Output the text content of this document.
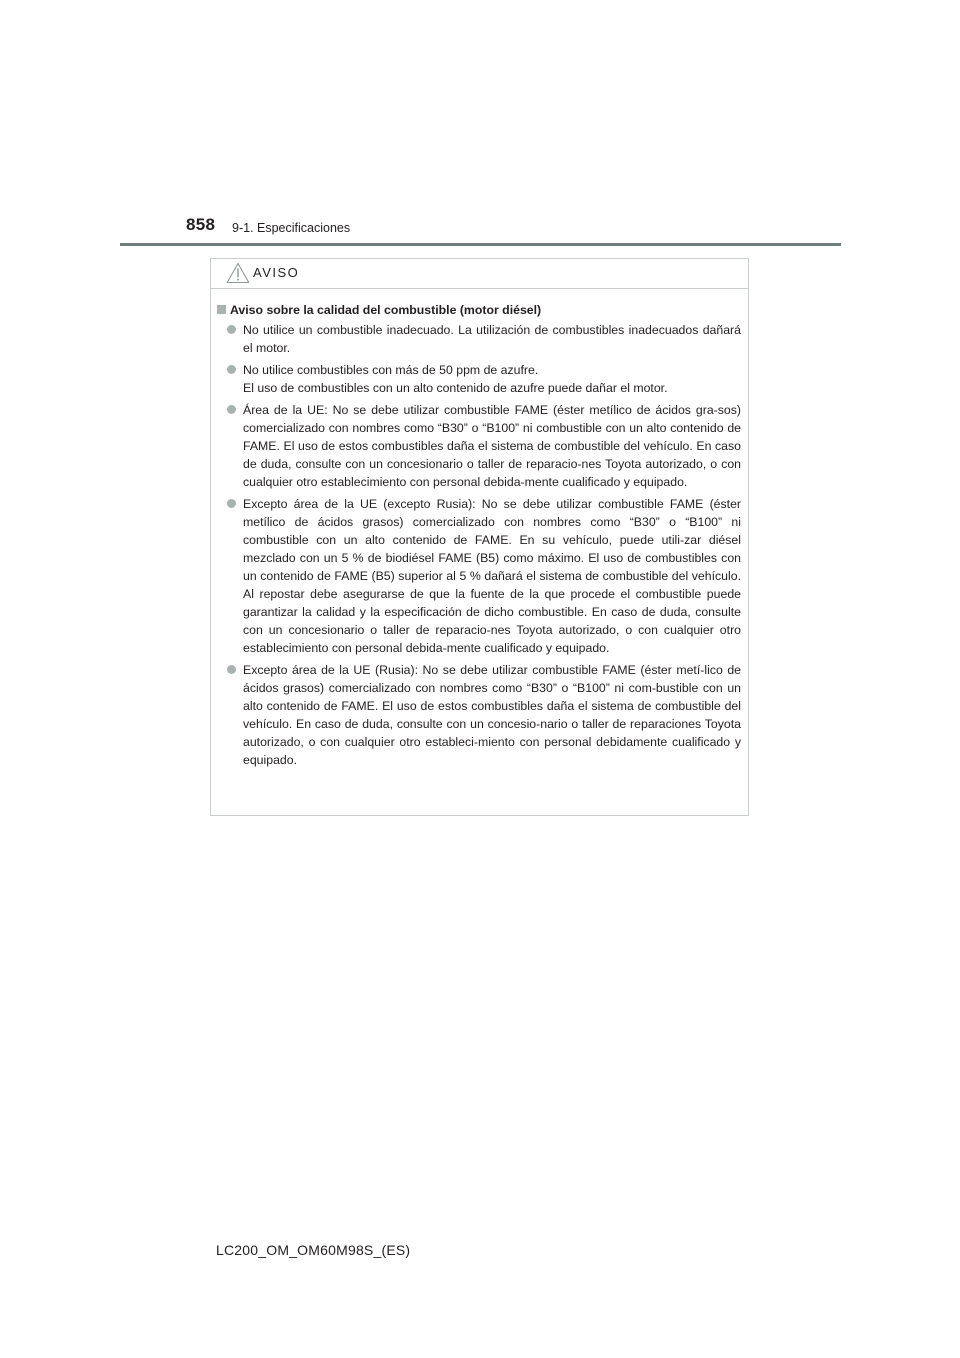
858 9-1. Especificaciones
AVISO
Aviso sobre la calidad del combustible (motor diésel)

No utilice un combustible inadecuado. La utilización de combustibles inadecuados dañará el motor.

No utilice combustibles con más de 50 ppm de azufre.

El uso de combustibles con un alto contenido de azufre puede dañar el motor.

Área de la UE: No se debe utilizar combustible FAME (éster metílico de ácidos gra-sos) comercializado con nombres como “B30” o “B100” ni combustible con un alto contenido de FAME. El uso de estos combustibles daña el sistema de combustible del vehículo. En caso de duda, consulte con un concesionario o taller de reparacio-nes Toyota autorizado, o con cualquier otro establecimiento con personal debida-mente cualificado y equipado.

Excepto área de la UE (excepto Rusia): No se debe utilizar combustible FAME (éster metílico de ácidos grasos) comercializado con nombres como “B30” o “B100” ni combustible con un alto contenido de FAME. En su vehículo, puede utili-zar diésel mezclado con un 5 % de biodiésel FAME (B5) como máximo. El uso de combustibles con un contenido de FAME (B5) superior al 5 % dañará el sistema de combustible del vehículo. Al repostar debe asegurarse de que la fuente de la que procede el combustible puede garantizar la calidad y la especificación de dicho combustible. En caso de duda, consulte con un concesionario o taller de reparacio-nes Toyota autorizado, o con cualquier otro establecimiento con personal debida-mente cualificado y equipado.

Excepto área de la UE (Rusia): No se debe utilizar combustible FAME (éster metí-lico de ácidos grasos) comercializado con nombres como “B30” o “B100” ni com-bustible con un alto contenido de FAME. El uso de estos combustibles daña el sistema de combustible del vehículo. En caso de duda, consulte con un concesio-nario o taller de reparaciones Toyota autorizado, o con cualquier otro estableci-miento con personal debidamente cualificado y equipado.

LC200_OM_OM60M98S_(ES)
